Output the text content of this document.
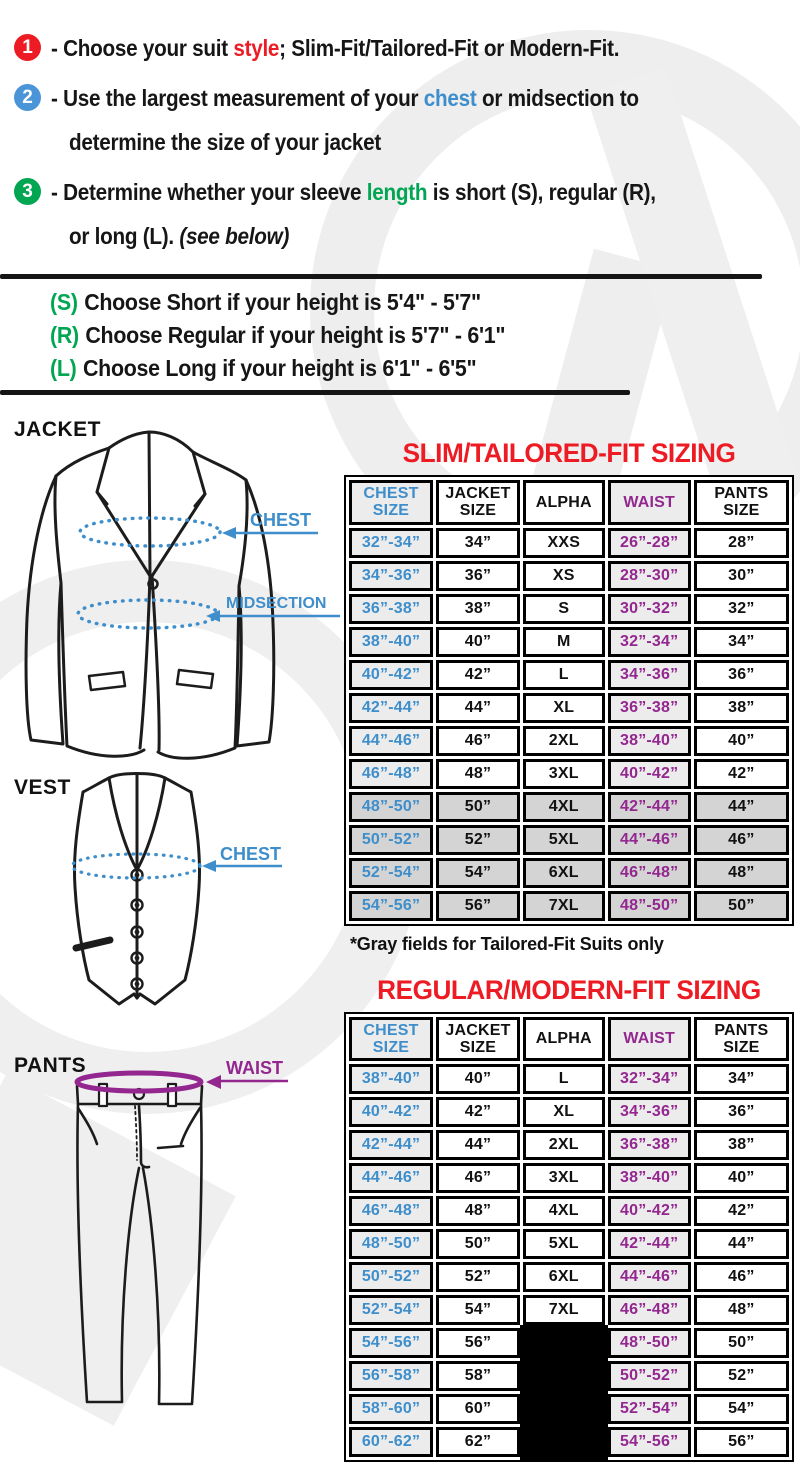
1 - Choose your suit style; Slim-Fit/Tailored-Fit or Modern-Fit.
2 - Use the largest measurement of your chest or midsection to
determine the size of your jacket
3 - Determine whether your sleeve length is short (S), regular (R),
or long (L). (see below)
(S) Choose Short if your height is 5'4" - 5'7"
(R) Choose Regular if your height is 5'7" - 6'1"
(L) Choose Long if your height is 6'1" - 6'5"
JACKET
CHEST
MIDSECTION
VEST
CHEST
PANTS	WAIST
SLIM/TAILORED-FIT SIZING
CHEST SIZE	JACKET SIZE	ALPHA	WAIST	PANTS SIZE
32”-34”	34”	XXS	26”-28”	28”
34”-36”	36”	XS	28”-30”	30”
36”-38”	38”	S	30”-32”	32”
38”-40”	40”	M	32”-34”	34”
40”-42”	42”	L	34”-36”	36”
42”-44”	44”	XL	36”-38”	38”
44”-46”	46”	2XL	38”-40”	40”
46”-48”	48”	3XL	40”-42”	42”
48”-50”	50”	4XL	42”-44”	44”
50”-52”	52”	5XL	44”-46”	46”
52”-54”	54”	6XL	46”-48”	48”
54”-56”	56”	7XL	48”-50”	50”
*Gray fields for Tailored-Fit Suits only
REGULAR/MODERN-FIT SIZING
CHEST SIZE	JACKET SIZE	ALPHA	WAIST	PANTS SIZE
38”-40”	40”	L	32”-34”	34”
40”-42”	42”	XL	34”-36”	36”
42”-44”	44”	2XL	36”-38”	38”
44”-46”	46”	3XL	38”-40”	40”
46”-48”	48”	4XL	40”-42”	42”
48”-50”	50”	5XL	42”-44”	44”
50”-52”	52”	6XL	44”-46”	46”
52”-54”	54”	7XL	46”-48”	48”
54”-56”	56”		48”-50”	50”
56”-58”	58”		50”-52”	52”
58”-60”	60”		52”-54”	54”
60”-62”	62”		54”-56”	56”
